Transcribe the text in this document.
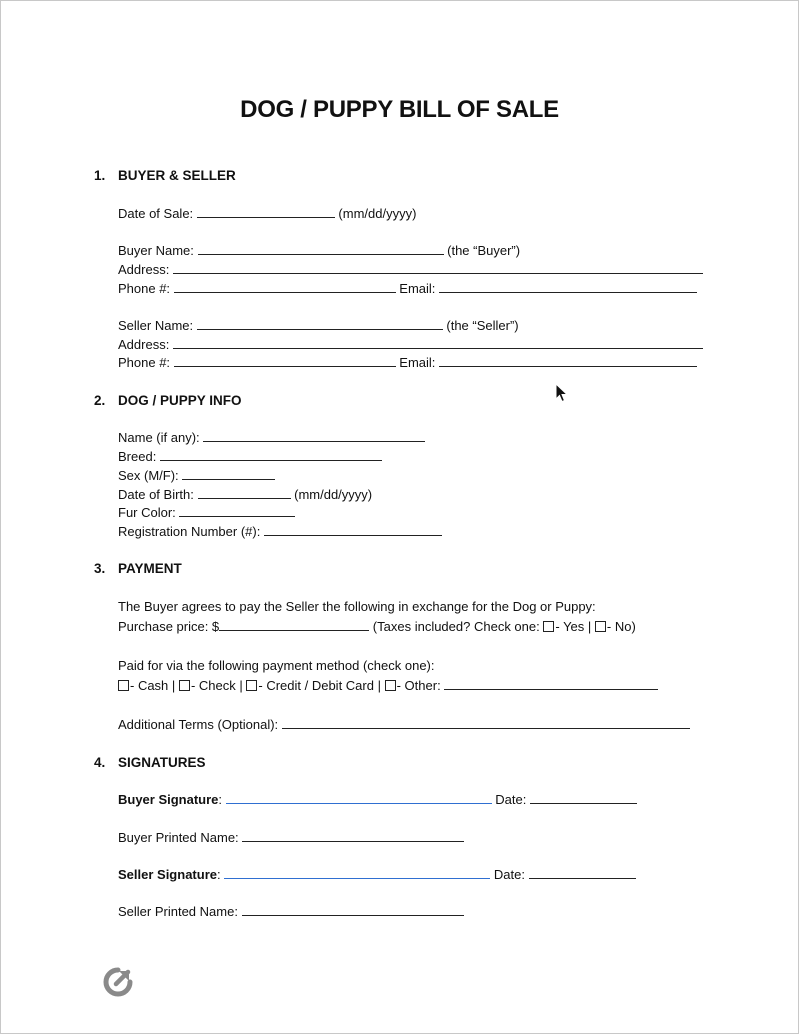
DOG / PUPPY BILL OF SALE
1. BUYER & SELLER
Date of Sale:	(mm/dd/yyyy)
Buyer Name:	(the “Buyer”)
Address:
Phone #:	Email:
Seller Name:	(the “Seller”)
Address:
Phone #:	Email:
2. DOG / PUPPY INFO
Name (if any):
Breed:
Sex (M/F):
Date of Birth:	(mm/dd/yyyy)
Fur Color:
Registration Number (#):
3. PAYMENT
The Buyer agrees to pay the Seller the following in exchange for the Dog or Puppy:
Purchase price: $	(Taxes included? Check one: - Yes | - No)
Paid for via the following payment method (check one):
- Cash | - Check | - Credit / Debit Card | - Other:
Additional Terms (Optional):
4. SIGNATURES
Buyer Signature:	Date:
Buyer Printed Name:
Seller Signature:	Date:
Seller Printed Name:
